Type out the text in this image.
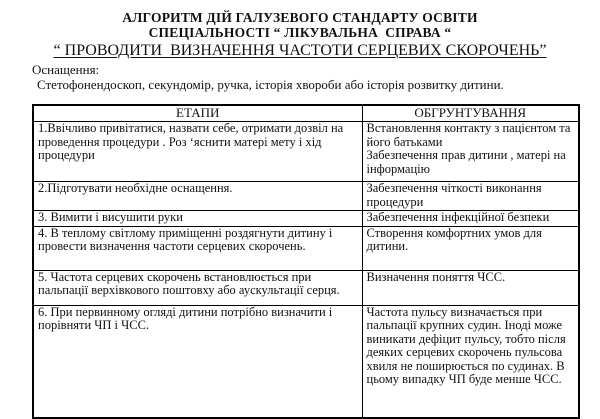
АЛГОРИТМ ДІЙ ГАЛУЗЕВОГО СТАНДАРТУ ОСВІТИ
СПЕЦІАЛЬНОСТІ “ ЛІКУВАЛЬНА  СПРАВА “
“ ПРОВОДИТИ  ВИЗНАЧЕННЯ ЧАСТОТИ СЕРЦЕВИХ СКОРОЧЕНЬ”
Оснащення:
Стетофонендоскоп, секундомір, ручка, історія хвороби або історія розвитку дитини.
ЕТАПИ	ОБГРУНТУВАННЯ
1.Ввічливо привітатися, назвати себе, отримати дозвіл на проведення процедури . Роз ‘яснити матері мету і хід процедури	Встановлення контакту з пацієнтом та його батьками
Забезпечення прав дитини , матері на інформацію

2.Підготувати необхідне оснащення.	Забезпечення чіткості виконання процедури

3. Вимити і висушити руки	Забезпечення інфекційної безпеки

4. В теплому світлому приміщенні роздягнути дитину і провести визначення частоти серцевих скорочень.	Створення комфортних умов для дитини.

5. Частота серцевих скорочень встановлюється при пальпації верхівкового поштовху або аускультації серця.	Визначення поняття ЧСС.

6. При первинному огляді дитини потрібно визначити і порівняти ЧП і ЧСС.	Частота пульсу визначається при пальпації крупних судин. Іноді може виникати дефіцит пульсу, тобто після деяких серцевих скорочень пульсова хвиля не поширюється по судинах. В цьому випадку ЧП буде менше ЧСС.
